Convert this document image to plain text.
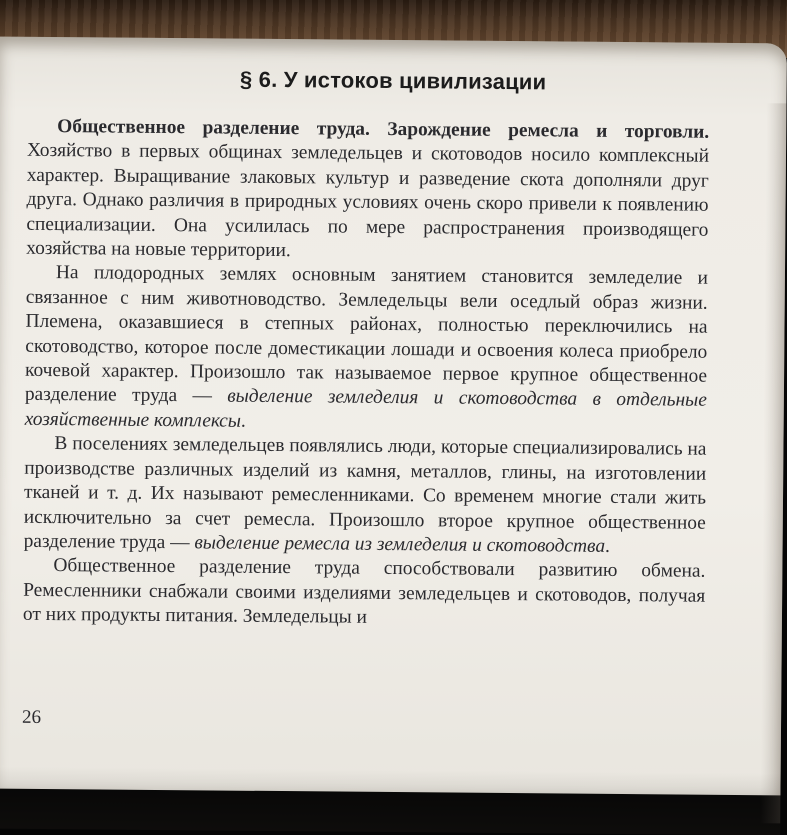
§ 6. У истоков цивилизации

Общественное разделение труда. Зарождение ремесла и торговли. Хозяйство в первых общинах земледельцев и скотоводов носило комплексный характер. Выращивание злаковых культур и разведение скота дополняли друг друга. Однако различия в природных условиях очень скоро привели к появлению специализации. Она усилилась по мере распространения производящего хозяйства на новые территории.

На плодородных землях основным занятием становится земледелие и связанное с ним животноводство. Земледельцы вели оседлый образ жизни. Племена, оказавшиеся в степных районах, полностью переключились на скотоводство, которое после доместикации лошади и освоения колеса приобрело кочевой характер. Произошло так называемое первое крупное общественное разделение труда — выделение земледелия и скотоводства в отдельные хозяйственные комплексы.

В поселениях земледельцев появлялись люди, которые специализировались на производстве различных изделий из камня, металлов, глины, на изготовлении тканей и т. д. Их называют ремесленниками. Со временем многие стали жить исключительно за счет ремесла. Произошло второе крупное общественное разделение труда — выделение ремесла из земледелия и скотоводства.

Общественное разделение труда способствовали развитию обмена. Ремесленники снабжали своими изделиями земледельцев и скотоводов, получая от них продукты питания. Земледельцы и

26
